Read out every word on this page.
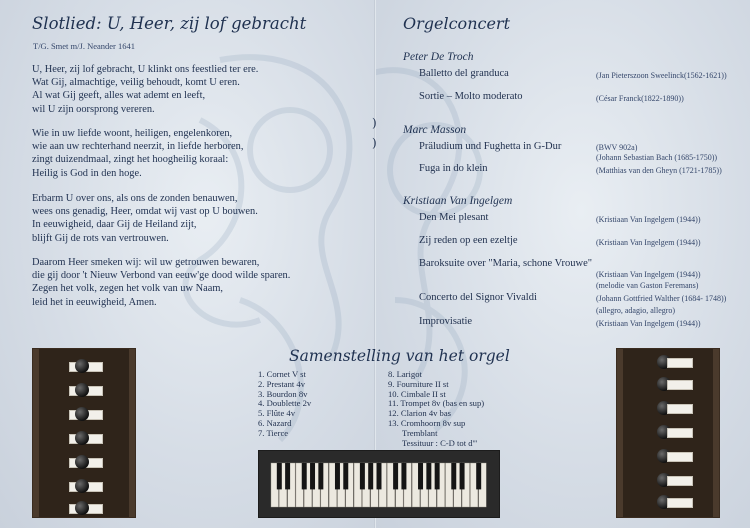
Slotlied: U, Heer, zij lof gebracht
T/G. Smet m/J. Neander 1641
U, Heer, zij lof gebracht, U klinkt ons feestlied ter ere.
Wat Gij, almachtige, veilig behoudt, komt U eren.
Al wat Gij geeft, alles wat ademt en leeft,
wil U zijn oorsprong vereren.
Wie in uw liefde woont, heiligen, engelenkoren,
wie aan uw rechterhand neerzit, in liefde herboren,
zingt duizendmaal, zingt het hoogheilig koraal:
Heilig is God in den hoge.
Erbarm U over ons, als ons de zonden benauwen,
wees ons genadig, Heer, omdat wij vast op U bouwen.
In eeuwigheid, daar Gij de Heiland zijt,
blijft Gij de rots van vertrouwen.
Daarom Heer smeken wij: wil uw getrouwen bewaren,
die gij door 't Nieuw Verbond van eeuw'ge dood wilde sparen.
Zegen het volk, zegen het volk van uw Naam,
leid het in eeuwigheid, Amen.
Orgelconcert
Peter De Troch
Balletto del granduca	(Jan Pieterszoon Sweelinck(1562-1621))
Sortie – Molto moderato	(César Franck(1822-1890))
Marc Masson
Präludium und Fughetta in G-Dur	(BWV 902a)
(Johann Sebastian Bach (1685-1750))
Fuga in do klein	(Matthias van den Gheyn (1721-1785))
Kristiaan Van Ingelgem
Den Mei plesant	(Kristiaan Van Ingelgem (1944))
Zij reden op een ezeltje	(Kristiaan Van Ingelgem (1944))
Baroksuite over "Maria, schone Vrouwe"
(Kristiaan Van Ingelgem (1944))
(melodie van Gaston Feremans)
Concerto del Signor Vivaldi	(Johann Gottfried Walther (1684- 1748))
(allegro, adagio, allegro)
Improvisatie	(Kristiaan Van Ingelgem (1944))
)
)
Samenstelling van het orgel
1. Cornet V st
2. Prestant 4v
3. Bourdon 8v
4. Doublette 2v
5. Flûte 4v
6. Nazard
7. Tierce
8. Larigot
9. Fourniture II st
10. Cimbale II st
11. Trompet 8v (bas en sup)
12. Clarion 4v bas
13. Cromhoorn 8v sup
Tremblant
Tessituur : C-D tot d'''
